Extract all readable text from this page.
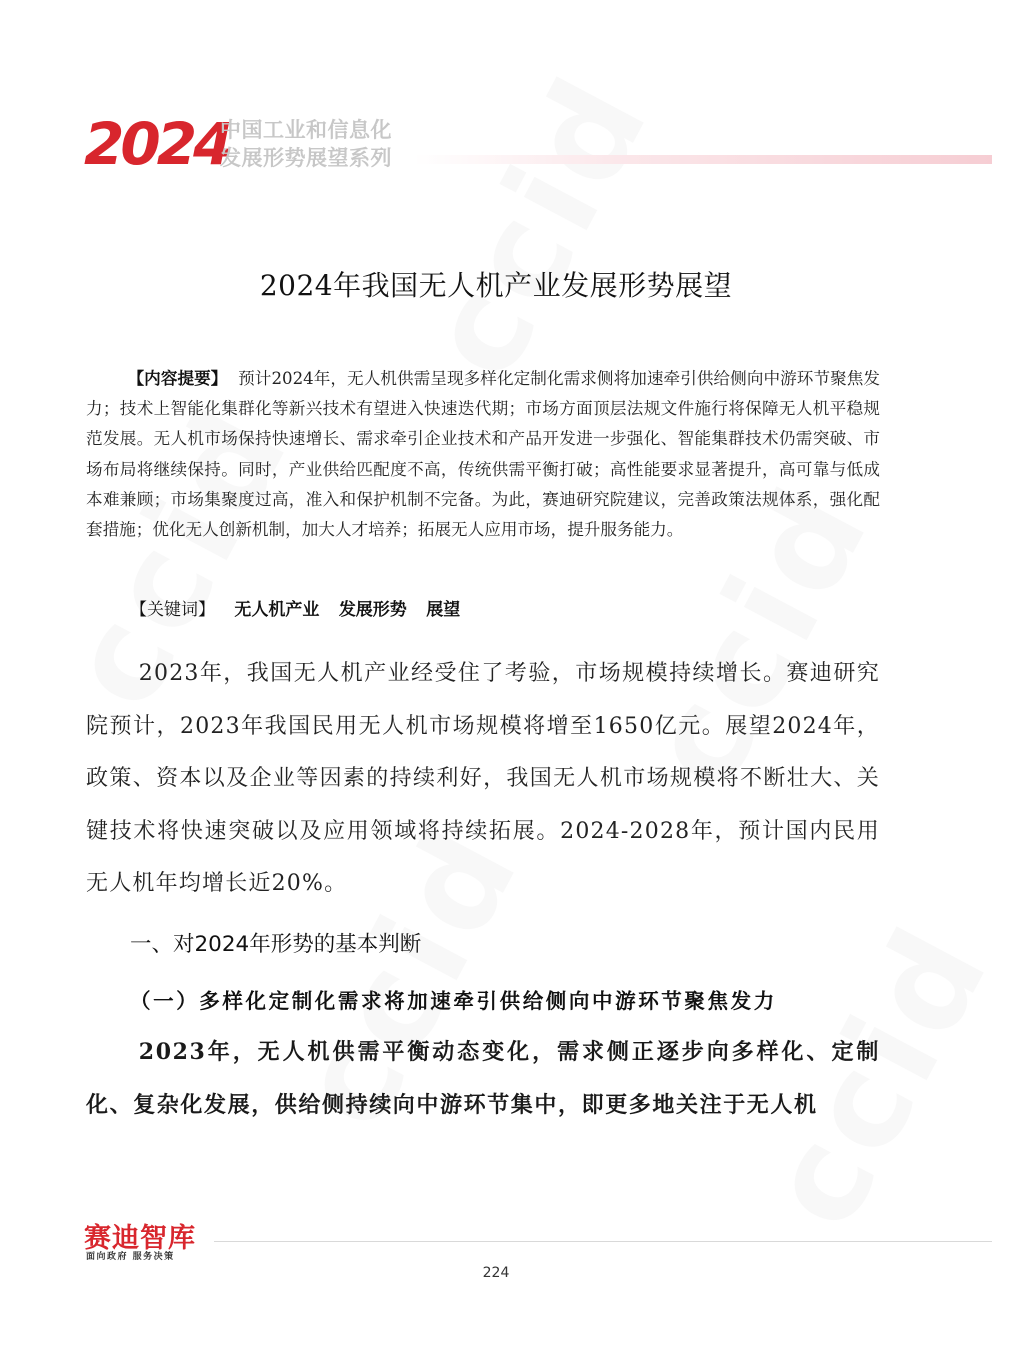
2024
中国工业和信息化
发展形势展望系列
2024年我国无人机产业发展形势展望
【内容提要】 预计2024年，无人机供需呈现多样化定制化需求侧将加速牵引供给侧向中游环节聚焦发力；技术上智能化集群化等新兴技术有望进入快速迭代期；市场方面顶层法规文件施行将保障无人机平稳规范发展。无人机市场保持快速增长、需求牵引企业技术和产品开发进一步强化、智能集群技术仍需突破、市场布局将继续保持。同时，产业供给匹配度不高，传统供需平衡打破；高性能要求显著提升，高可靠与低成本难兼顾；市场集聚度过高，准入和保护机制不完备。为此，赛迪研究院建议，完善政策法规体系，强化配套措施；优化无人创新机制，加大人才培养；拓展无人应用市场，提升服务能力。
【关键词】 无人机产业 发展形势 展望
2023年，我国无人机产业经受住了考验，市场规模持续增长。赛迪研究院预计，2023年我国民用无人机市场规模将增至1650亿元。展望2024年，政策、资本以及企业等因素的持续利好，我国无人机市场规模将不断壮大、关键技术将快速突破以及应用领域将持续拓展。2024-2028年，预计国内民用无人机年均增长近20%。
一、对2024年形势的基本判断
（一）多样化定制化需求将加速牵引供给侧向中游环节聚焦发力
2023年，无人机供需平衡动态变化，需求侧正逐步向多样化、定制化、复杂化发展，供给侧持续向中游环节集中，即更多地关注于无人机
赛迪智库
面向政府 服务决策
224
